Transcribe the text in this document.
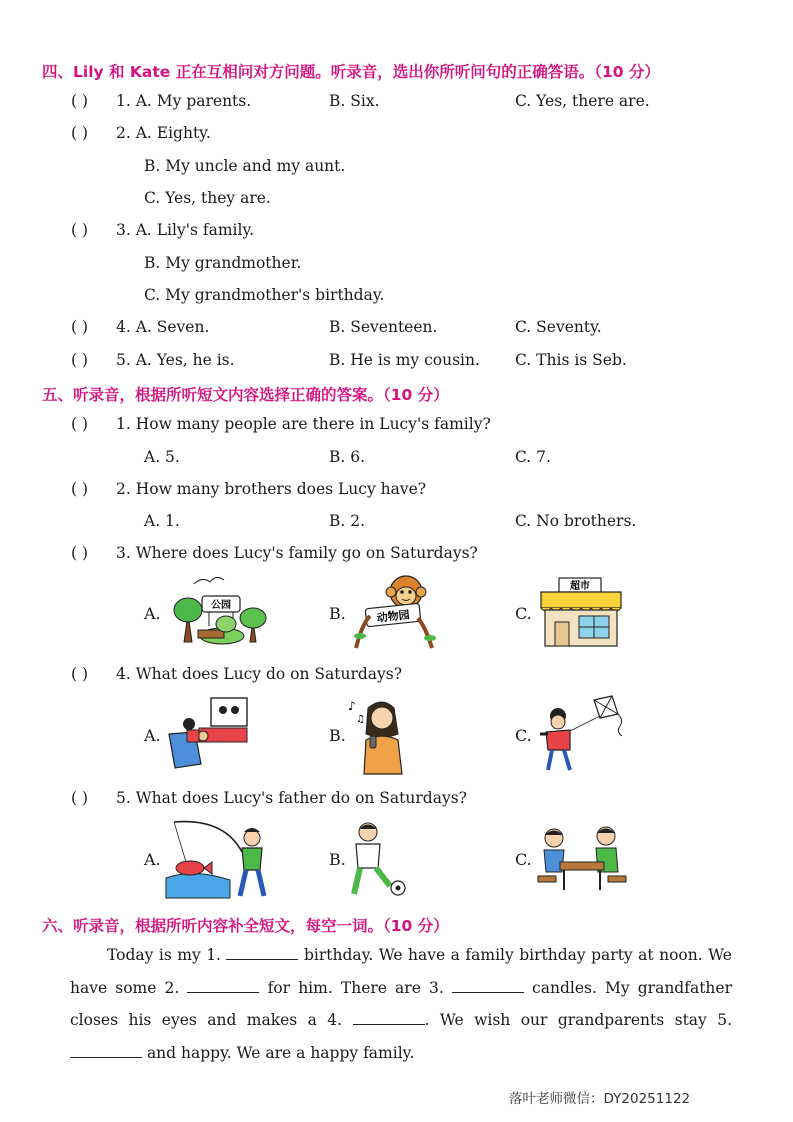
四、Lily 和 Kate 正在互相问对方问题。听录音，选出你所听问句的正确答语。（10 分）
( ) 1. A. My parents.	B. Six.	C. Yes, there are.
( ) 2. A. Eighty.
B. My uncle and my aunt.
C. Yes, they are.
( ) 3. A. Lily's family.
B. My grandmother.
C. My grandmother's birthday.
( ) 4. A. Seven.	B. Seventeen.	C. Seventy.
( ) 5. A. Yes, he is.	B. He is my cousin. C. This is Seb.
五、听录音，根据所听短文内容选择正确的答案。（10 分）
( ) 1. How many people are there in Lucy's family?
A. 5.	B. 6.	C. 7.
( ) 2. How many brothers does Lucy have?
A. 1.	B. 2.	C. No brothers.
( ) 3. Where does Lucy's family go on Saturdays?
A.	公园	B.	动物园	C.
超市
( ) 4. What does Lucy do on Saturdays?
A.	B.
♪
♫
C.
( ) 5. What does Lucy's father do on Saturdays?
A.	B.	C.
六、听录音，根据所听内容补全短文，每空一词。（10 分）
Today is my 1.	birthday. We have a family birthday party at noon. We have some 2.	for him. There are 3.	candles. My grandfather closes his eyes and makes a 4.	. We wish our grandparents stay 5.  and happy. We are a happy family.
落叶老师微信：DY20251122
